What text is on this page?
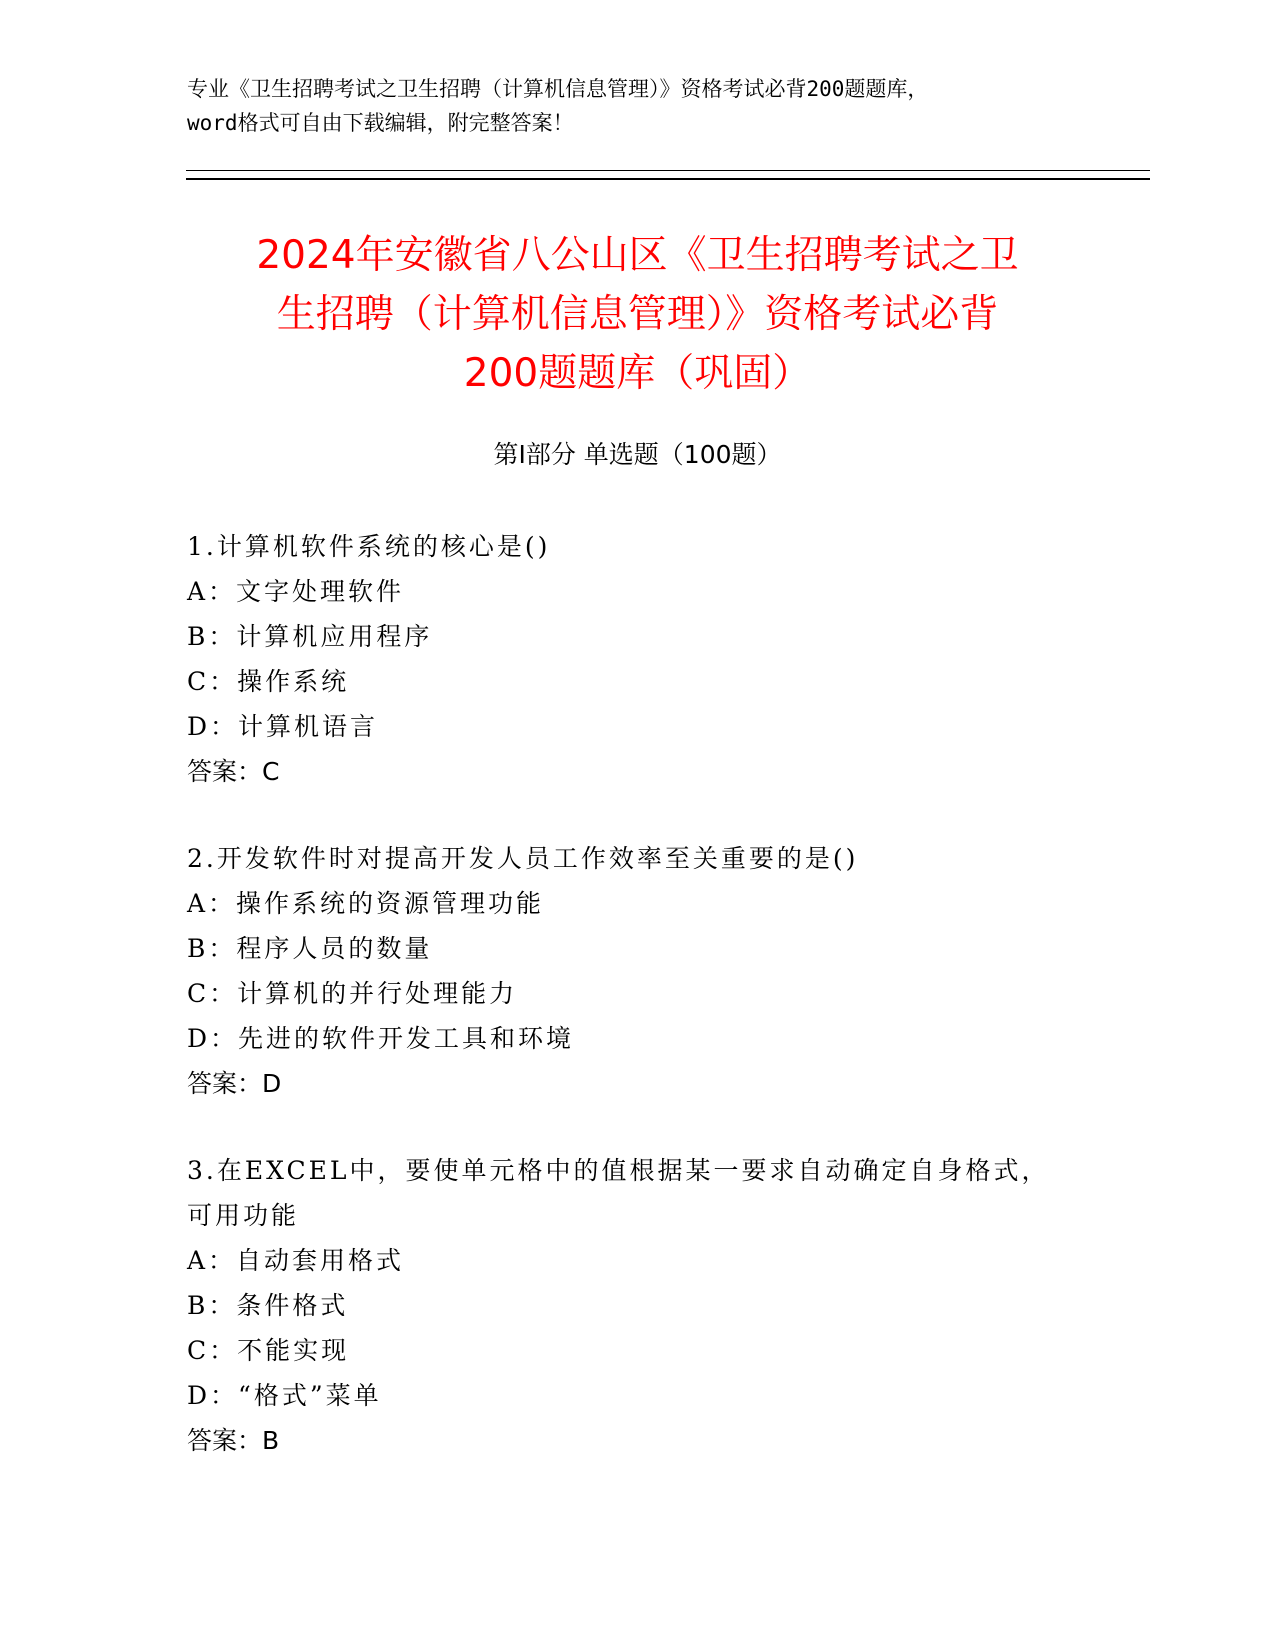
专业《卫生招聘考试之卫生招聘（计算机信息管理）》资格考试必背200题题库，
word格式可自由下载编辑，附完整答案！
2024年安徽省八公山区《卫生招聘考试之卫
生招聘（计算机信息管理）》资格考试必背
200题题库（巩固）
第Ⅰ部分 单选题（100题）
1.计算机软件系统的核心是()
A：文字处理软件
B：计算机应用程序
C：操作系统
D：计算机语言
答案：C
2.开发软件时对提高开发人员工作效率至关重要的是()
A：操作系统的资源管理功能
B：程序人员的数量
C：计算机的并行处理能力
D：先进的软件开发工具和环境
答案：D
3.在EXCEL中，要使单元格中的值根据某一要求自动确定自身格式，
可用功能
A：自动套用格式
B：条件格式
C：不能实现
D：“格式”菜单
答案：B
